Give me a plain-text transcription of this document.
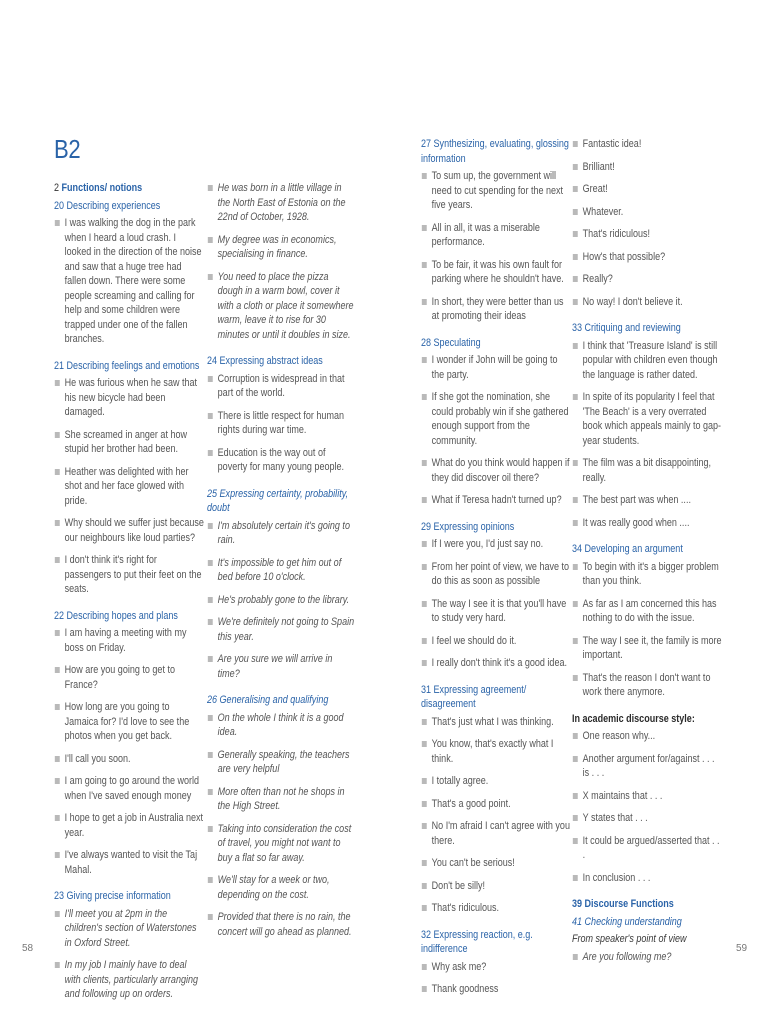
B2
2 Functions/ notions
20 Describing experiences
I was walking the dog in the park when I heard a loud crash. I looked in the direction of the noise and saw that a huge tree had fallen down. There were some people screaming and calling for help and some children were trapped under one of the fallen branches.
21 Describing feelings and emotions
He was furious when he saw that his new bicycle had been damaged.
She screamed in anger at how stupid her brother had been.
Heather was delighted with her shot and her face glowed with pride.
Why should we suffer just because our neighbours like loud parties?
I don't think it's right for passengers to put their feet on the seats.
22 Describing hopes and plans
I am having a meeting with my boss on Friday.
How are you going to get to France?
How long are you going to Jamaica for? I'd love to see the photos when you get back.
I'll call you soon.
I am going to go around the world when I've saved enough money
I hope to get a job in Australia next year.
I've always wanted to visit the Taj Mahal.
23 Giving precise information
I'll meet you at 2pm in the children's section of Waterstones in Oxford Street.
In my job I mainly have to deal with clients, particularly arranging and following up on orders.
He was born in a little village in the North East of Estonia on the 22nd of October, 1928.
My degree was in economics, specialising in finance.
You need to place the pizza dough in a warm bowl, cover it with a cloth or place it somewhere warm, leave it to rise for 30 minutes or until it doubles in size.
24 Expressing abstract ideas
Corruption is widespread in that part of the world.
There is little respect for human rights during war time.
Education is the way out of poverty for many young people.
25 Expressing certainty, probability, doubt
I'm absolutely certain it's going to rain.
It's impossible to get him out of bed before 10 o'clock.
He's probably gone to the library.
We're definitely not going to Spain this year.
Are you sure we will arrive in time?
26 Generalising and qualifying
On the whole I think it is a good idea.
Generally speaking, the teachers are very helpful
More often than not he shops in the High Street.
Taking into consideration the cost of travel, you might not want to buy a flat so far away.
We'll stay for a week or two, depending on the cost.
Provided that there is no rain, the concert will go ahead as planned.
27 Synthesizing, evaluating, glossing information
To sum up, the government will need to cut spending for the next five years.
All in all, it was a miserable performance.
To be fair, it was his own fault for parking where he shouldn't have.
In short, they were better than us at promoting their ideas
28 Speculating
I wonder if John will be going to the party.
If she got the nomination, she could probably win if she gathered enough support from the community.
What do you think would happen if they did discover oil there?
What if Teresa hadn't turned up?
29 Expressing opinions
If I were you, I'd just say no.
From her point of view, we have to do this as soon as possible
The way I see it is that you'll have to study very hard.
I feel we should do it.
I really don't think it's a good idea.
31 Expressing agreement/ disagreement
That's just what I was thinking.
You know, that's exactly what I think.
I totally agree.
That's a good point.
No I'm afraid I can't agree with you there.
You can't be serious!
Don't be silly!
That's ridiculous.
32 Expressing reaction, e.g. indifference
Why ask me?
Thank goodness
Fantastic idea!
Brilliant!
Great!
Whatever.
That's ridiculous!
How's that possible?
Really?
No way! I don't believe it.
33 Critiquing and reviewing
I think that 'Treasure Island' is still popular with children even though the language is rather dated.
In spite of its popularity I feel that 'The Beach' is a very overrated book which appeals mainly to gap-year students.
The film was a bit disappointing, really.
The best part was when ....
It was really good when ....
34 Developing an argument
To begin with it's a bigger problem than you think.
As far as I am concerned this has nothing to do with the issue.
The way I see it, the family is more important.
That's the reason I don't want to work there anymore.
In academic discourse style:
One reason why...
Another argument for/against . . . is . . .
X maintains that . . .
Y states that . . .
It could be argued/asserted that . . .
In conclusion . . .
39 Discourse Functions
41 Checking understanding
From speaker's point of view
Are you following me?
58	59
